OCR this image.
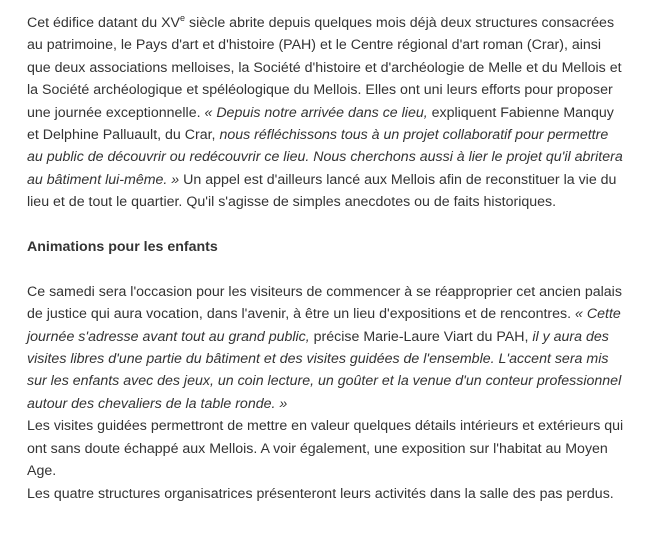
Cet édifice datant du XVe siècle abrite depuis quelques mois déjà deux structures consacrées au patrimoine, le Pays d'art et d'histoire (PAH) et le Centre régional d'art roman (Crar), ainsi que deux associations melloises, la Société d'histoire et d'archéologie de Melle et du Mellois et la Société archéologique et spéléologique du Mellois. Elles ont uni leurs efforts pour proposer une journée exceptionnelle. « Depuis notre arrivée dans ce lieu, expliquent Fabienne Manquy et Delphine Palluault, du Crar, nous réfléchissons tous à un projet collaboratif pour permettre au public de découvrir ou redécouvrir ce lieu. Nous cherchons aussi à lier le projet qu'il abritera au bâtiment lui-même. » Un appel est d'ailleurs lancé aux Mellois afin de reconstituer la vie du lieu et de tout le quartier. Qu'il s'agisse de simples anecdotes ou de faits historiques.

Animations pour les enfants

Ce samedi sera l'occasion pour les visiteurs de commencer à se réapproprier cet ancien palais de justice qui aura vocation, dans l'avenir, à être un lieu d'expositions et de rencontres. « Cette journée s'adresse avant tout au grand public, précise Marie-Laure Viart du PAH, il y aura des visites libres d'une partie du bâtiment et des visites guidées de l'ensemble. L'accent sera mis sur les enfants avec des jeux, un coin lecture, un goûter et la venue d'un conteur professionnel autour des chevaliers de la table ronde. »

Les visites guidées permettront de mettre en valeur quelques détails intérieurs et extérieurs qui ont sans doute échappé aux Mellois. A voir également, une exposition sur l'habitat au Moyen Age.

Les quatre structures organisatrices présenteront leurs activités dans la salle des pas perdus.
